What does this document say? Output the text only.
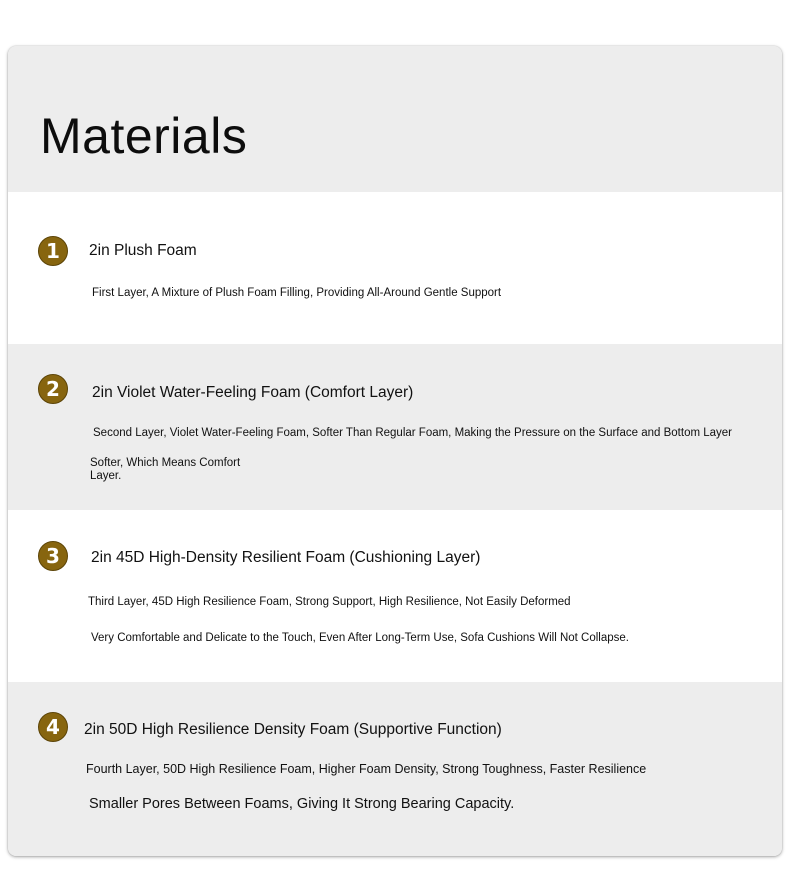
Materials
1	2in Plush Foam
First Layer, A Mixture of Plush Foam Filling, Providing All-Around Gentle Support
2	2in Violet Water-Feeling Foam (Comfort Layer)
Second Layer, Violet Water-Feeling Foam, Softer Than Regular Foam, Making the Pressure on the Surface and Bottom Layer
Softer, Which Means Comfort
Layer.
3	2in 45D High-Density Resilient Foam (Cushioning Layer)
Third Layer, 45D High Resilience Foam, Strong Support, High Resilience, Not Easily Deformed
Very Comfortable and Delicate to the Touch, Even After Long-Term Use, Sofa Cushions Will Not Collapse.
4	2in 50D High Resilience Density Foam (Supportive Function)
Fourth Layer, 50D High Resilience Foam, Higher Foam Density, Strong Toughness, Faster Resilience
Smaller Pores Between Foams, Giving It Strong Bearing Capacity.
